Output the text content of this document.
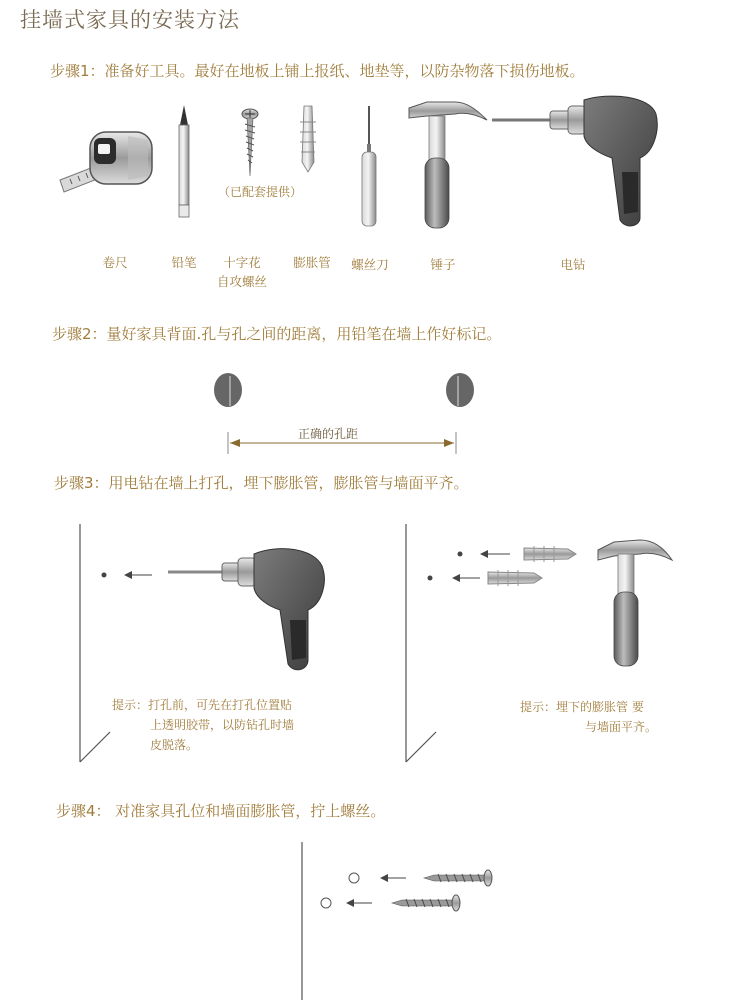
挂墙式家具的安装方法
步骤1：准备好工具。最好在地板上铺上报纸、地垫等，以防杂物落下损伤地板。
（已配套提供）
卷尺	铅笔	十字花
自攻螺丝
膨胀管	螺丝刀	锤子	电钻
步骤2：量好家具背面.孔与孔之间的距离，用铅笔在墙上作好标记。
正确的孔距
步骤3：用电钻在墙上打孔，埋下膨胀管，膨胀管与墙面平齐。
提示：打孔前，可先在打孔位置贴
上透明胶带，以防钻孔时墙
皮脱落。
提示：埋下的膨胀管 要
与墙面平齐。
步骤4： 对准家具孔位和墙面膨胀管，拧上螺丝。
